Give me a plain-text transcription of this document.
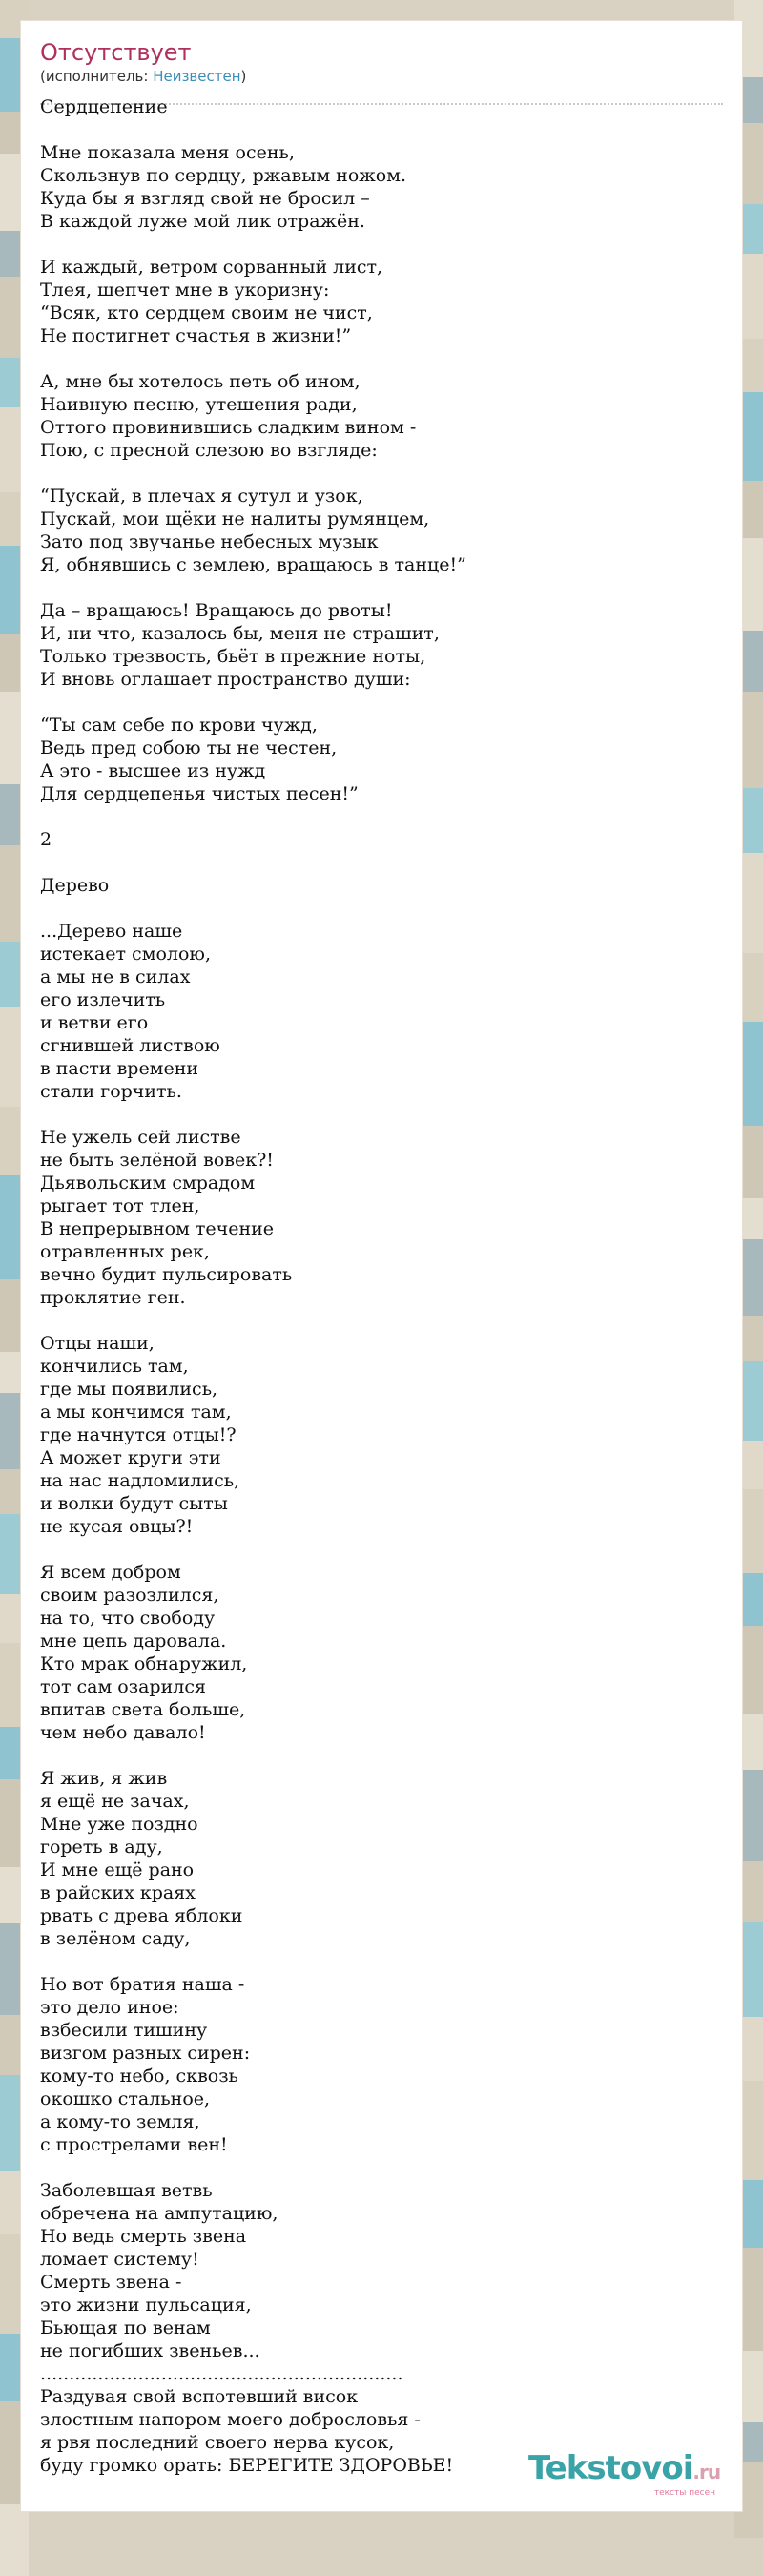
Отсутствует
(исполнитель: Неизвестен)
Сердцепение
Мне показала меня осень,
Скользнув по сердцу, ржавым ножом.
Куда бы я взгляд свой не бросил –
В каждой луже мой лик отражён.
И каждый, ветром сорванный лист,
Тлея, шепчет мне в укоризну:
“Всяк, кто сердцем своим не чист,
Не постигнет счастья в жизни!”
А, мне бы хотелось петь об ином,
Наивную песню, утешения ради,
Оттого провинившись сладким вином -
Пою, с пресной слезою во взгляде:
“Пускай, в плечах я сутул и узок,
Пускай, мои щёки не налиты румянцем,
Зато под звучанье небесных музык
Я, обнявшись с землею, вращаюсь в танце!”
Да – вращаюсь! Вращаюсь до рвоты!
И, ни что, казалось бы, меня не страшит,
Только трезвость, бьёт в прежние ноты,
И вновь оглашает пространство души:
“Ты сам себе по крови чужд,
Ведь пред собою ты не честен,
А это - высшее из нужд
Для сердцепенья чистых песен!”
2
Дерево
...Дерево наше
истекает смолою,
а мы не в силах
его излечить
и ветви его
сгнившей листвою
в пасти времени
стали горчить.
Не ужель сей листве
не быть зелёной вовек?!
Дьявольским смрадом
рыгает тот тлен,
В непрерывном течение
отравленных рек,
вечно будит пульсировать
проклятие ген.
Отцы наши,
кончились там,
где мы появились,
а мы кончимся там,
где начнутся отцы!?
А может круги эти
на нас надломились,
и волки будут сыты
не кусая овцы?!
Я всем добром
своим разозлился,
на то, что свободу
мне цепь даровала.
Кто мрак обнаружил,
тот сам озарился
впитав света больше,
чем небо давало!
Я жив, я жив
я ещё не зачах,
Мне уже поздно
гореть в аду,
И мне ещё рано
в райских краях
рвать с древа яблоки
в зелёном саду,
Но вот братия наша -
это дело иное:
взбесили тишину
визгом разных сирен:
кому-то небо, сквозь
окошко стальное,
а кому-то земля,
с прострелами вен!
Заболевшая ветвь
обречена на ампутацию,
Но ведь смерть звена
ломает систему!
Смерть звена -
это жизни пульсация,
Бьющая по венам
не погибших звеньев...
...............................................................
Раздувая свой вспотевший висок
злостным напором моего добрословья -
я рвя последний своего нерва кусок,
буду громко орать: БЕРЕГИТЕ ЗДОРОВЬЕ!	Tekstovoi.ru
тексты песен
